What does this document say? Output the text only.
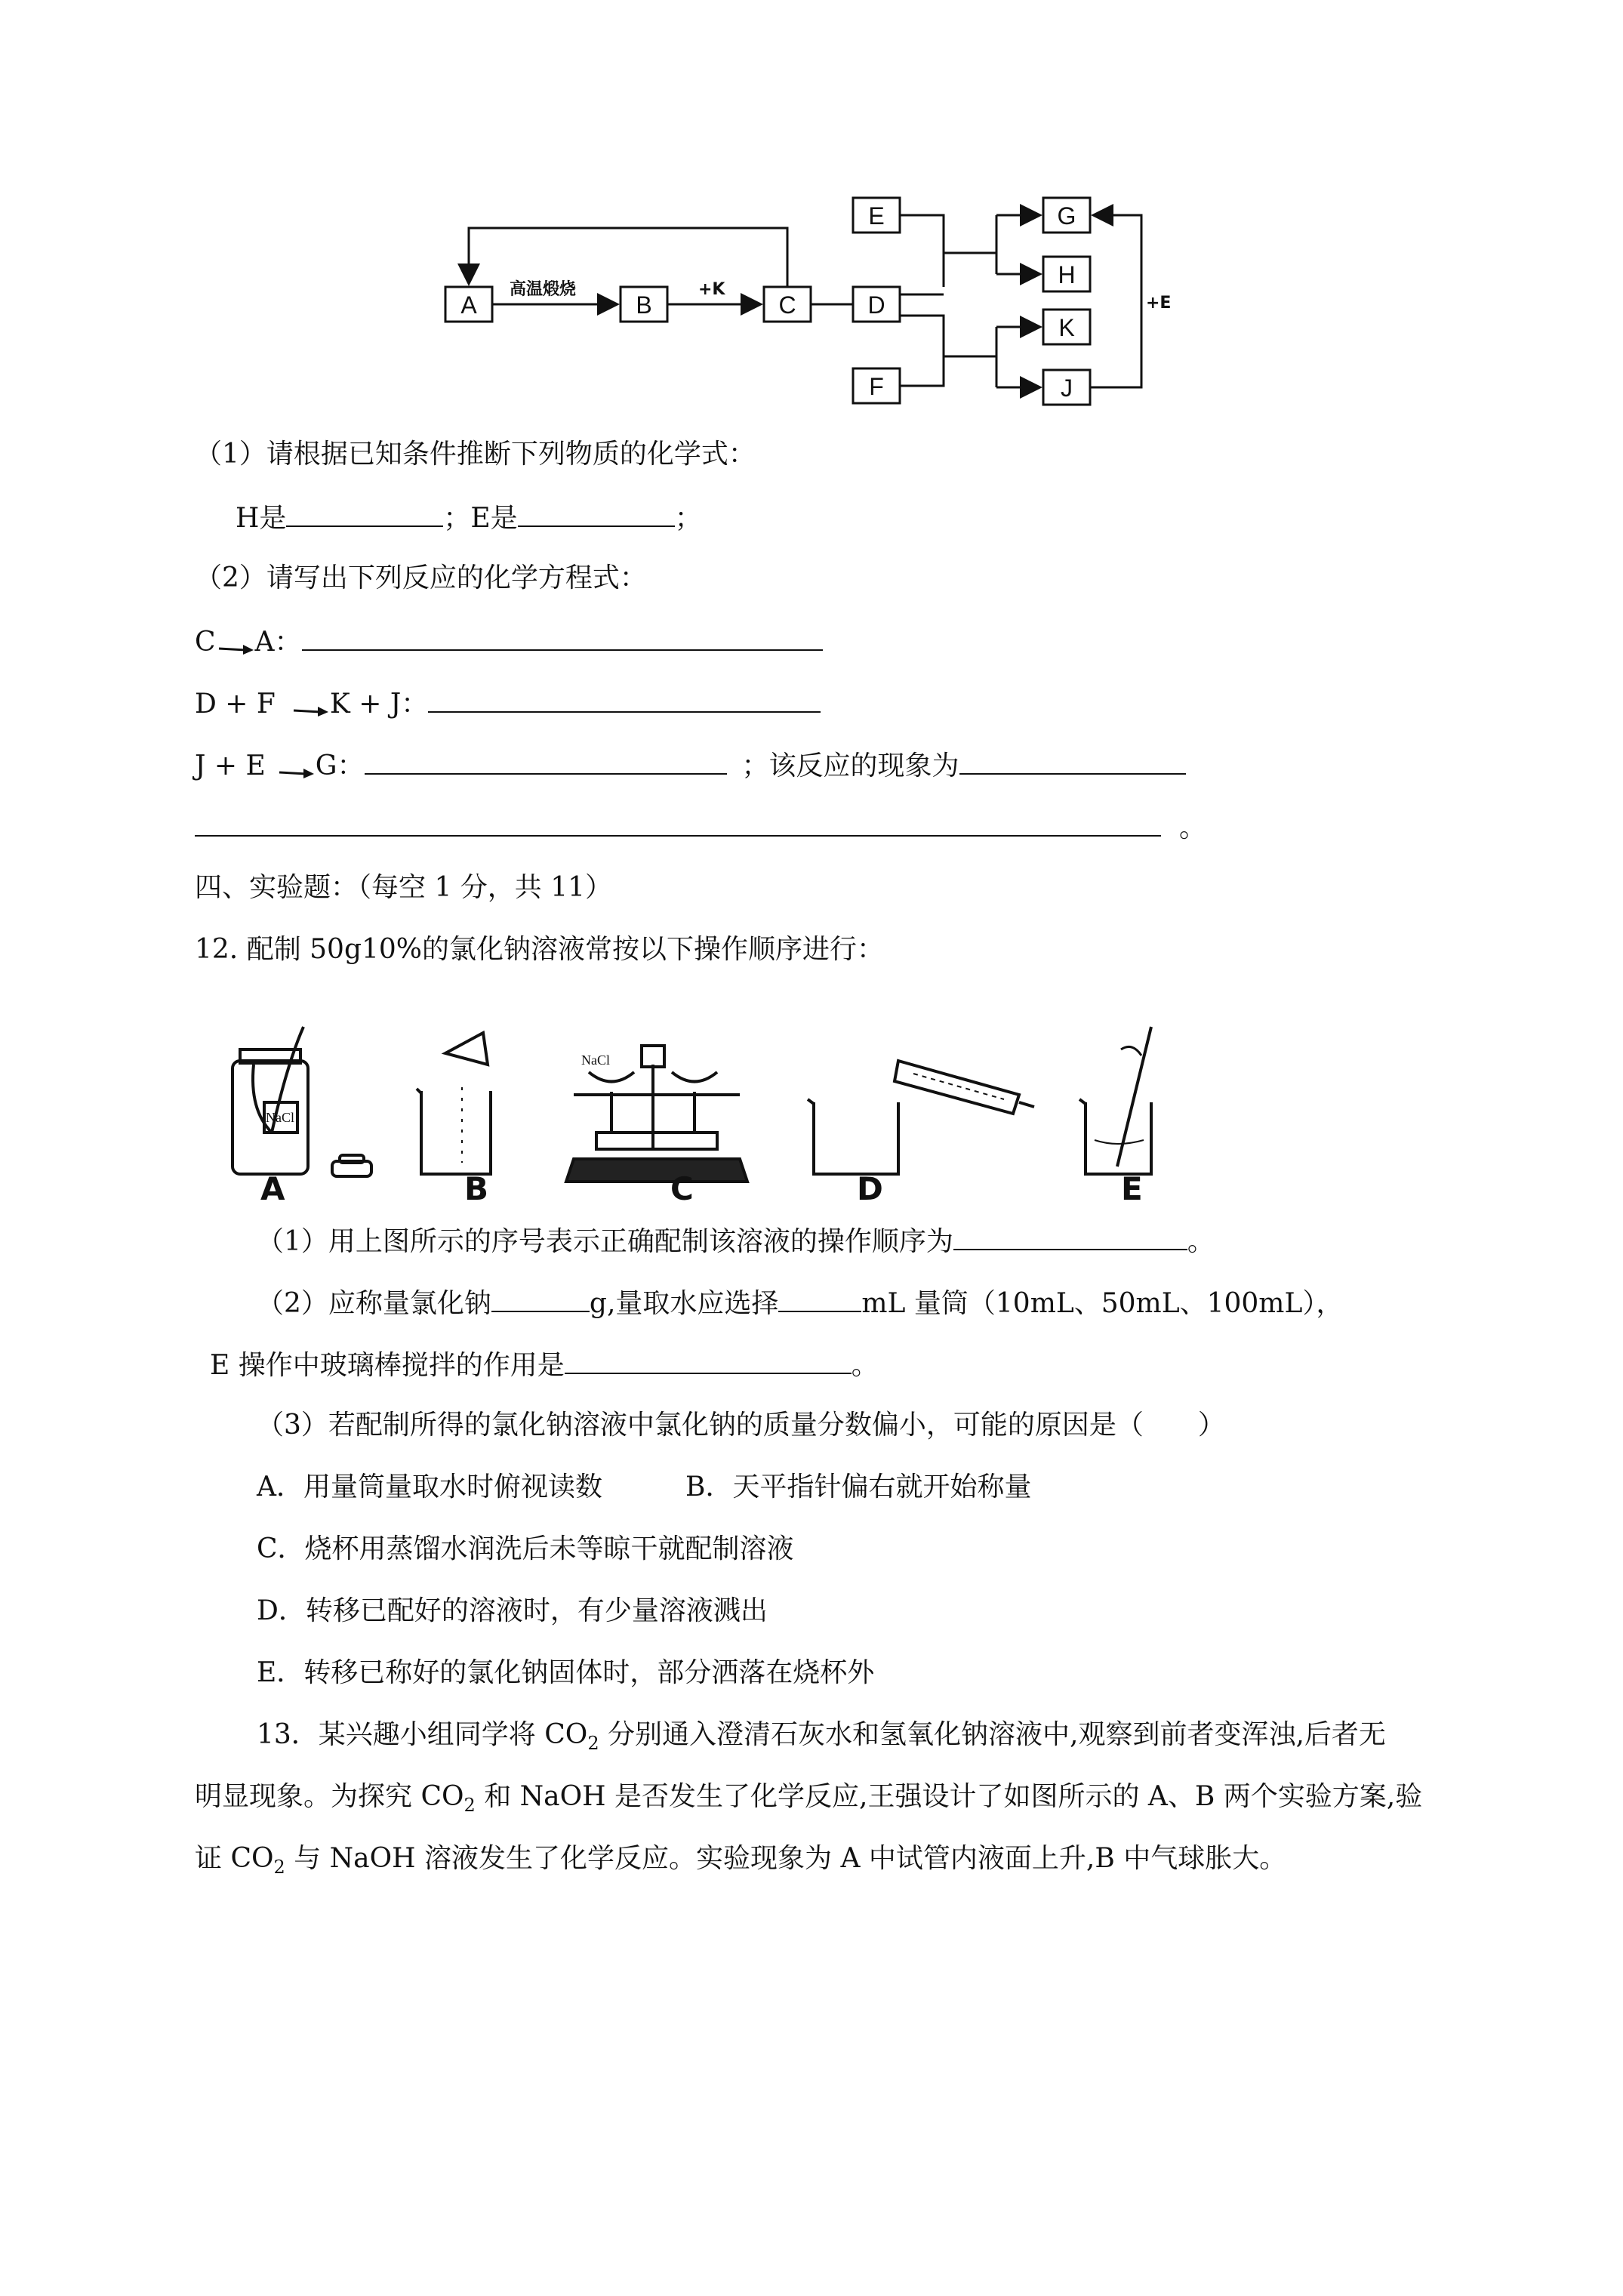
A	B	C	D
E
F
G
H
K
J
高温煅烧	+K
+E
（1）请根据已知条件推断下列物质的化学式：
H是	；E是	；
（2）请写出下列反应的化学方程式：
C A：
D + F K + J：
J + E G：	；该反应的现象为
。
四、实验题：（每空 1 分，共 11）
12. 配制 50g10%的氯化钠溶液常按以下操作顺序进行：
NaCl
NaCl
A	B	C	D	E
（1）用上图所示的序号表示正确配制该溶液的操作顺序为	。
（2）应称量氯化钠	g,量取水应选择	mL 量筒（10mL、50mL、100mL），
E 操作中玻璃棒搅拌的作用是	。
（3）若配制所得的氯化钠溶液中氯化钠的质量分数偏小，可能的原因是（　　）
A．用量筒量取水时俯视读数	B．天平指针偏右就开始称量
C．烧杯用蒸馏水润洗后未等晾干就配制溶液
D．转移已配好的溶液时，有少量溶液溅出
E．转移已称好的氯化钠固体时，部分洒落在烧杯外
13．某兴趣小组同学将 $CO_2$ 分别通入澄清石灰水和氢氧化钠溶液中,观察到前者变浑浊,后者无
明显现象。为探究 $CO_2$ 和 NaOH 是否发生了化学反应,王强设计了如图所示的 A、B 两个实验方案,验
证 $CO_2$ 与 NaOH 溶液发生了化学反应。实验现象为 A 中试管内液面上升,B 中气球胀大。
